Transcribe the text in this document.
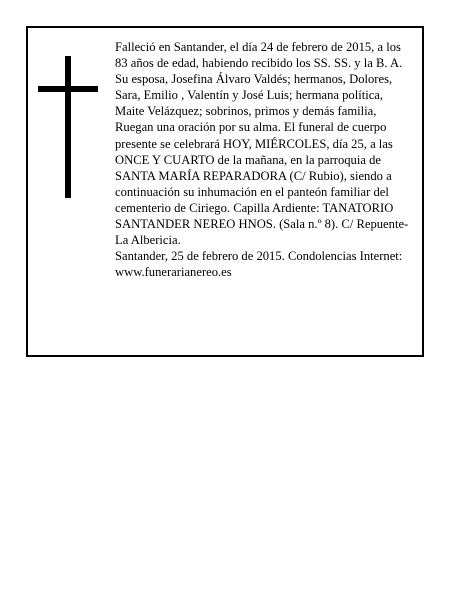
Falleció en Santander, el día 24 de febrero de 2015, a los 83 años de edad, habiendo recibido los SS. SS. y la B. A.

Su esposa, Josefina Álvaro Valdés; hermanos, Dolores, Sara, Emilio , Valentín y José Luis; hermana política, Maite Velázquez; sobrinos, primos y demás familia,

Ruegan una oración por su alma. El funeral de cuerpo presente se celebrará HOY, MIÉRCOLES, día 25, a las ONCE Y CUARTO de la mañana, en la parroquia de SANTA MARÍA REPARADORA (C/ Rubio), siendo a continuación su inhumación en el panteón familiar del cementerio de Ciriego. Capilla Ardiente: TANATORIO SANTANDER NEREO HNOS. (Sala n.º 8). C/ Repuente-La Albericia.

Santander, 25 de febrero de 2015. Condolencias Internet: www.funerarianereo.es
